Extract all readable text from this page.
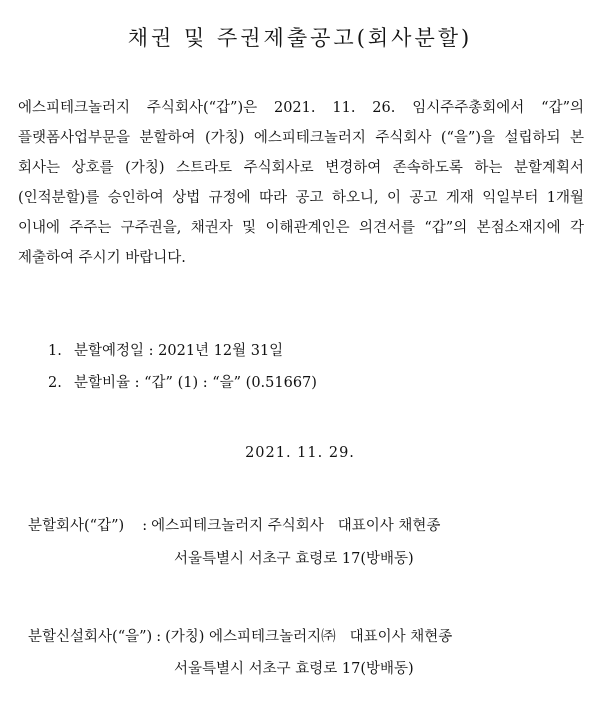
채권 및 주권제출공고(회사분할)
에스피테크놀러지 주식회사(“갑”)은 2021. 11. 26. 임시주주총회에서 “갑”의 플랫폼사업부문을 분할하여 (가칭) 에스피테크놀러지 주식회사 (“을”)을 설립하되 본 회사는 상호를 (가칭) 스트라토 주식회사로 변경하여 존속하도록 하는 분할계획서(인적분할)를 승인하여 상법 규정에 따라 공고 하오니, 이 공고 게재 익일부터 1개월 이내에 주주는 구주권을, 채권자 및 이해관계인은 의견서를 “갑”의 본점소재지에 각 제출하여 주시기 바랍니다.
1. 분할예정일 : 2021년 12월 31일
2. 분할비율 : “갑” (1) : “을” (0.51667)
2021. 11. 29.
분할회사(“갑”) : 에스피테크놀러지 주식회사 대표이사 채현종
서울특별시 서초구 효령로 17(방배동)
분할신설회사(“을”) : (가칭) 에스피테크놀러지㈜ 대표이사 채현종
서울특별시 서초구 효령로 17(방배동)
